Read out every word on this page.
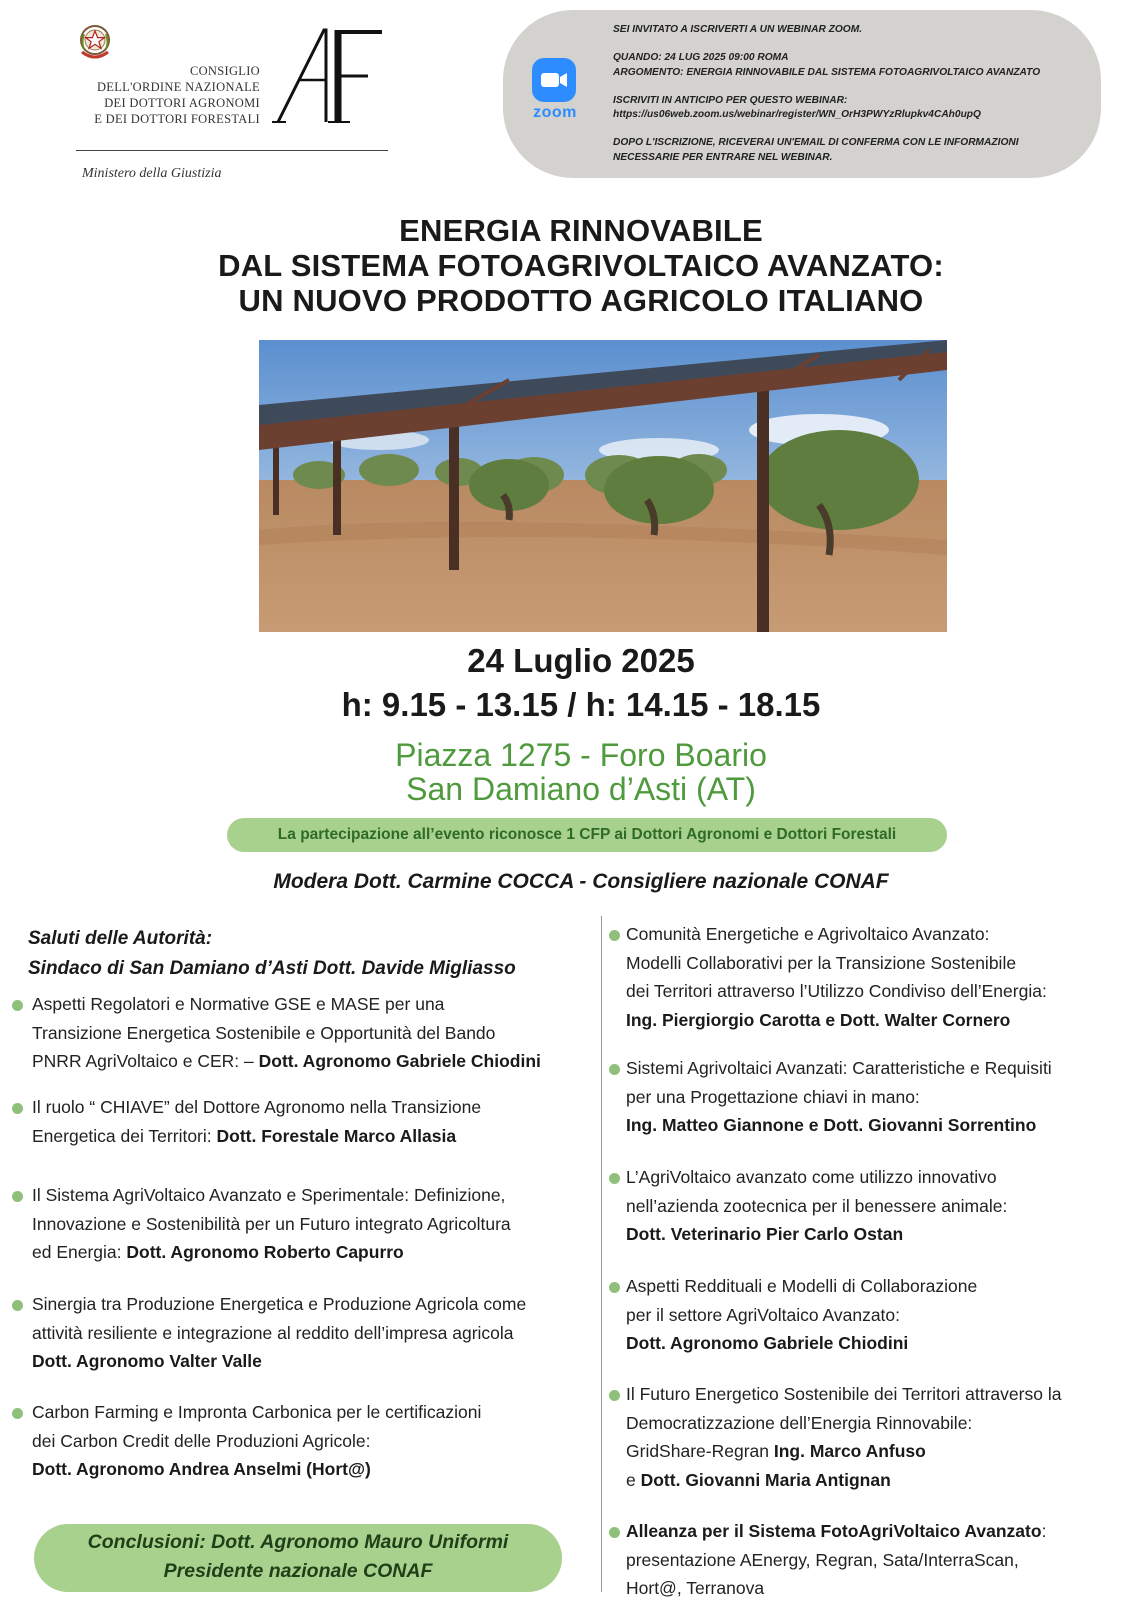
CONSIGLIO
DELL'ORDINE NAZIONALE
DEI DOTTORI AGRONOMI
E DEI DOTTORI FORESTALI
Ministero della Giustizia
zoom
SEI INVITATO A ISCRIVERTI A UN WEBINAR ZOOM.
QUANDO: 24 LUG 2025 09:00 ROMA
ARGOMENTO: ENERGIA RINNOVABILE DAL SISTEMA FOTOAGRIVOLTAICO AVANZATO
ISCRIVITI IN ANTICIPO PER QUESTO WEBINAR:
https://us06web.zoom.us/webinar/register/WN_OrH3PWYzRlupkv4CAh0upQ
DOPO L'ISCRIZIONE, RICEVERAI UN'EMAIL DI CONFERMA CON LE INFORMAZIONI
NECESSARIE PER ENTRARE NEL WEBINAR.
ENERGIA RINNOVABILE
DAL SISTEMA FOTOAGRIVOLTAICO AVANZATO:
UN NUOVO PRODOTTO AGRICOLO ITALIANO
24 Luglio 2025
h: 9.15 - 13.15 / h: 14.15 - 18.15
Piazza 1275 - Foro Boario
San Damiano d’Asti (AT)
La partecipazione all’evento riconosce 1 CFP ai Dottori Agronomi e Dottori Forestali
Modera Dott. Carmine COCCA - Consigliere nazionale CONAF
Saluti delle Autorità:
Sindaco di San Damiano d’Asti Dott. Davide Migliasso
Aspetti Regolatori e Normative GSE e MASE per una
Transizione Energetica Sostenibile e Opportunità del Bando
PNRR AgriVoltaico e CER: – Dott. Agronomo Gabriele Chiodini
Il ruolo “ CHIAVE” del Dottore Agronomo nella Transizione
Energetica dei Territori: Dott. Forestale Marco Allasia
Il Sistema AgriVoltaico Avanzato e Sperimentale: Definizione,
Innovazione e Sostenibilità per un Futuro integrato Agricoltura
ed Energia: Dott. Agronomo Roberto Capurro
Sinergia tra Produzione Energetica e Produzione Agricola come
attività resiliente e integrazione al reddito dell’impresa agricola
Dott. Agronomo Valter Valle
Carbon Farming e Impronta Carbonica per le certificazioni
dei Carbon Credit delle Produzioni Agricole:
Dott. Agronomo Andrea Anselmi (Hort@)
Comunità Energetiche e Agrivoltaico Avanzato:
Modelli Collaborativi per la Transizione Sostenibile
dei Territori attraverso l’Utilizzo Condiviso dell’Energia:
Ing. Piergiorgio Carotta e Dott. Walter Cornero
Sistemi Agrivoltaici Avanzati: Caratteristiche e Requisiti
per una Progettazione chiavi in mano:
Ing. Matteo Giannone e Dott. Giovanni Sorrentino
L’AgriVoltaico avanzato come utilizzo innovativo
nell’azienda zootecnica per il benessere animale:
Dott. Veterinario Pier Carlo Ostan
Aspetti Reddituali e Modelli di Collaborazione
per il settore AgriVoltaico Avanzato:
Dott. Agronomo Gabriele Chiodini
Il Futuro Energetico Sostenibile dei Territori attraverso la
Democratizzazione dell’Energia Rinnovabile:
GridShare-Regran Ing. Marco Anfuso
e Dott. Giovanni Maria Antignan
Alleanza per il Sistema FotoAgriVoltaico Avanzato:
presentazione AEnergy, Regran, Sata/InterraScan,
Hort@, Terranova
Conclusioni: Dott. Agronomo Mauro Uniformi
Presidente nazionale CONAF
